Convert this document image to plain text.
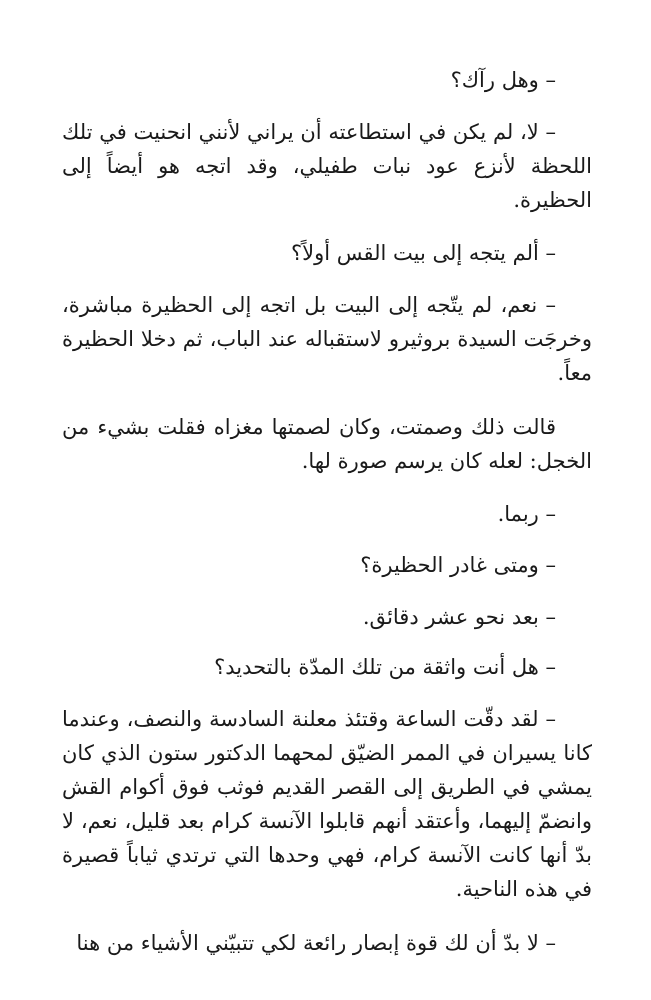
– وهل رآك؟

– لا، لم يكن في استطاعته أن يراني لأنني انحنيت في تلك اللحظة لأنزع عود نبات طفيلي، وقد اتجه هو أيضاً إلى الحظيرة.

– ألم يتجه إلى بيت القس أولاً؟

– نعم، لم يتّجه إلى البيت بل اتجه إلى الحظيرة مباشرة، وخرجَت السيدة بروثيرو لاستقباله عند الباب، ثم دخلا الحظيرة معاً.

قالت ذلك وصمتت، وكان لصمتها مغزاه فقلت بشيء من الخجل: لعله كان يرسم صورة لها.

– ربما.

– ومتى غادر الحظيرة؟

– بعد نحو عشر دقائق.

– هل أنت واثقة من تلك المدّة بالتحديد؟

– لقد دقّت الساعة وقتئذ معلنة السادسة والنصف، وعندما كانا يسيران في الممر الضيّق لمحهما الدكتور ستون الذي كان يمشي في الطريق إلى القصر القديم فوثب فوق أكوام القش وانضمّ إليهما، وأعتقد أنهم قابلوا الآنسة كرام بعد قليل، نعم، لا بدّ أنها كانت الآنسة كرام، فهي وحدها التي ترتدي ثياباً قصيرة في هذه الناحية.

– لا بدّ أن لك قوة إبصار رائعة لكي تتبيّني الأشياء من هنا
